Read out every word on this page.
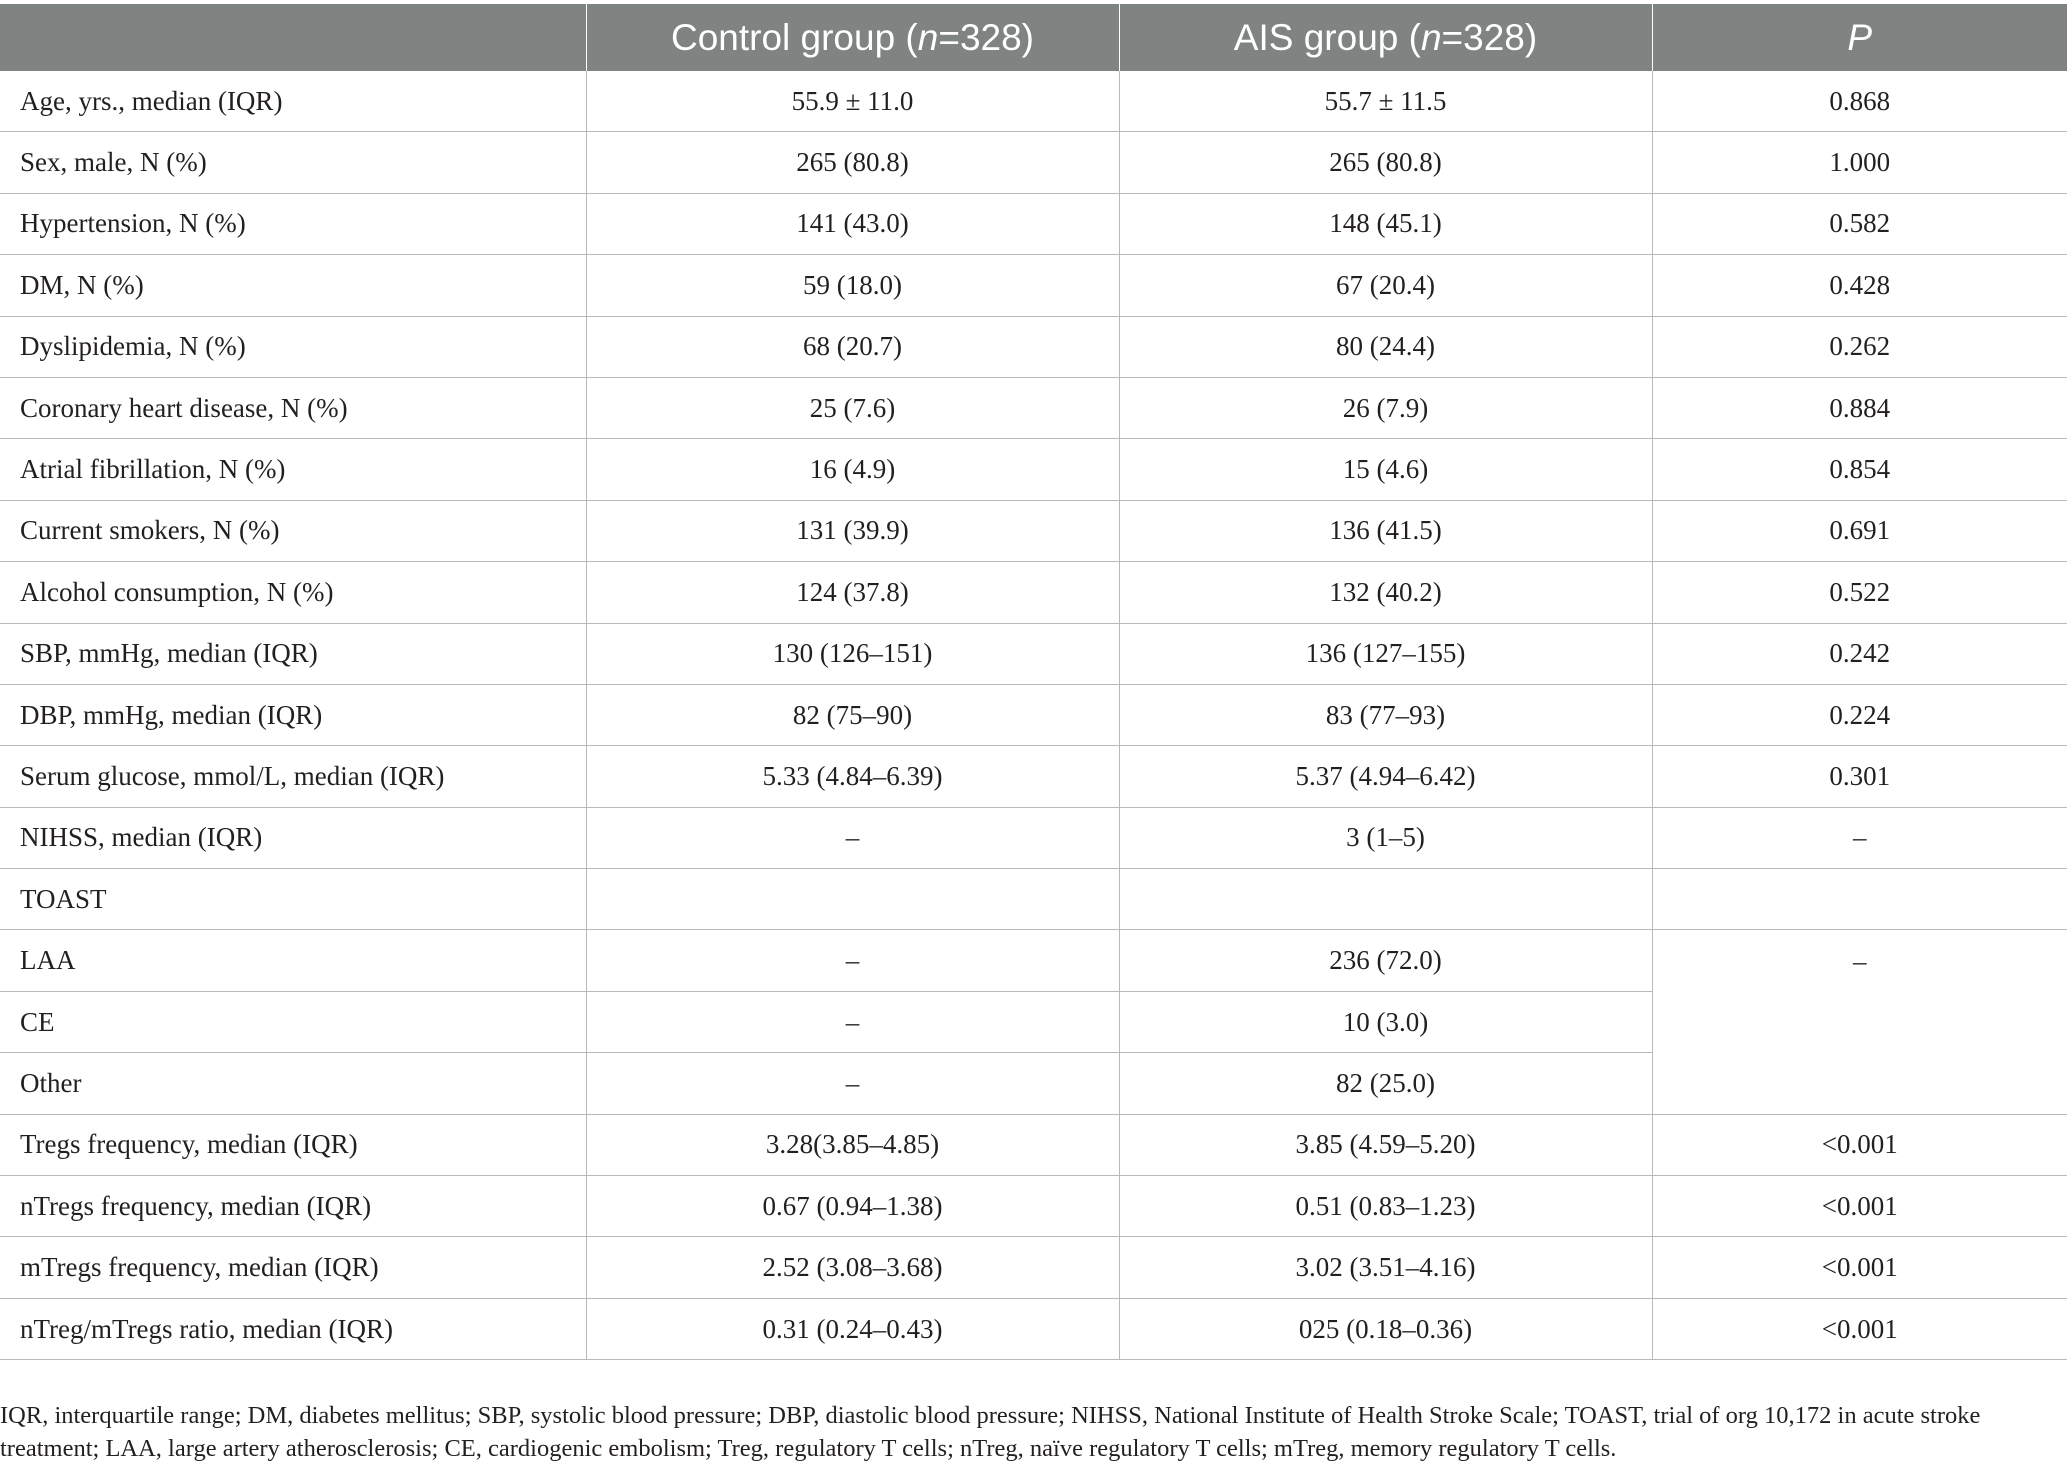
	Control group (n=328)	AIS group (n=328)	P
Age, yrs., median (IQR)	55.9 ± 11.0	55.7 ± 11.5	0.868
Sex, male, N (%)	265 (80.8)	265 (80.8)	1.000
Hypertension, N (%)	141 (43.0)	148 (45.1)	0.582
DM, N (%)	59 (18.0)	67 (20.4)	0.428
Dyslipidemia, N (%)	68 (20.7)	80 (24.4)	0.262
Coronary heart disease, N (%)	25 (7.6)	26 (7.9)	0.884
Atrial fibrillation, N (%)	16 (4.9)	15 (4.6)	0.854
Current smokers, N (%)	131 (39.9)	136 (41.5)	0.691
Alcohol consumption, N (%)	124 (37.8)	132 (40.2)	0.522
SBP, mmHg, median (IQR)	130 (126–151)	136 (127–155)	0.242
DBP, mmHg, median (IQR)	82 (75–90)	83 (77–93)	0.224
Serum glucose, mmol/L, median (IQR)	5.33 (4.84–6.39)	5.37 (4.94–6.42)	0.301
NIHSS, median (IQR)	–	3 (1–5)	–
TOAST			
LAA	–	236 (72.0)	–
CE	–	10 (3.0)	
Other	–	82 (25.0)	
Tregs frequency, median (IQR)	3.28(3.85–4.85)	3.85 (4.59–5.20)	<0.001
nTregs frequency, median (IQR)	0.67 (0.94–1.38)	0.51 (0.83–1.23)	<0.001
mTregs frequency, median (IQR)	2.52 (3.08–3.68)	3.02 (3.51–4.16)	<0.001
nTreg/mTregs ratio, median (IQR)	0.31 (0.24–0.43)	025 (0.18–0.36)	<0.001

IQR, interquartile range; DM, diabetes mellitus; SBP, systolic blood pressure; DBP, diastolic blood pressure; NIHSS, National Institute of Health Stroke Scale; TOAST, trial of org 10,172 in acute stroke treatment; LAA, large artery atherosclerosis; CE, cardiogenic embolism; Treg, regulatory T cells; nTreg, naïve regulatory T cells; mTreg, memory regulatory T cells.
